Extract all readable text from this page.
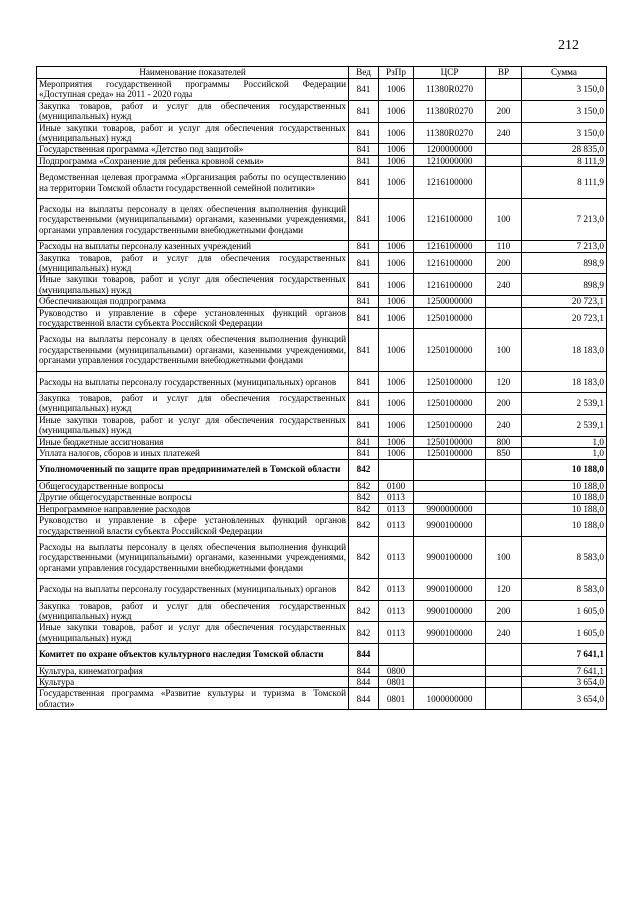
212
Наименование показателей	Вед	РзПр	ЦСР	ВР	Сумма
Мероприятия государственной программы Российской Федерации «Доступная среда» на 2011 - 2020 годы	841	1006	11380R0270		3 150,0
Закупка товаров, работ и услуг для обеспечения государственных (муниципальных) нужд	841	1006	11380R0270	200	3 150,0
Иные закупки товаров, работ и услуг для обеспечения государственных (муниципальных) нужд	841	1006	11380R0270	240	3 150,0
Государственная программа «Детство под защитой»	841	1006	1200000000		28 835,0
Подпрограмма «Сохранение для ребенка кровной семьи»	841	1006	1210000000		8 111,9
Ведомственная целевая программа «Организация работы по осуществлению на территории Томской области государственной семейной политики»	841	1006	1216100000		8 111,9
Расходы на выплаты персоналу в целях обеспечения выполнения функций государственными (муниципальными) органами, казенными учреждениями, органами управления государственными внебюджетными фондами	841	1006	1216100000	100	7 213,0
Расходы на выплаты персоналу казенных учреждений	841	1006	1216100000	110	7 213,0
Закупка товаров, работ и услуг для обеспечения государственных (муниципальных) нужд	841	1006	1216100000	200	898,9
Иные закупки товаров, работ и услуг для обеспечения государственных (муниципальных) нужд	841	1006	1216100000	240	898,9
Обеспечивающая подпрограмма	841	1006	1250000000		20 723,1
Руководство и управление в сфере установленных функций органов государственной власти субъекта Российской Федерации	841	1006	1250100000		20 723,1
Расходы на выплаты персоналу в целях обеспечения выполнения функций государственными (муниципальными) органами, казенными учреждениями, органами управления государственными внебюджетными фондами	841	1006	1250100000	100	18 183,0
Расходы на выплаты персоналу государственных (муниципальных) органов	841	1006	1250100000	120	18 183,0
Закупка товаров, работ и услуг для обеспечения государственных (муниципальных) нужд	841	1006	1250100000	200	2 539,1
Иные закупки товаров, работ и услуг для обеспечения государственных (муниципальных) нужд	841	1006	1250100000	240	2 539,1
Иные бюджетные ассигнования	841	1006	1250100000	800	1,0
Уплата налогов, сборов и иных платежей	841	1006	1250100000	850	1,0
Уполномоченный по защите прав предпринимателей в Томской области	842				10 188,0
Общегосударственные вопросы	842	0100			10 188,0
Другие общегосударственные вопросы	842	0113			10 188,0
Непрограммное направление расходов	842	0113	9900000000		10 188,0
Руководство и управление в сфере установленных функций органов государственной власти субъекта Российской Федерации	842	0113	9900100000		10 188,0
Расходы на выплаты персоналу в целях обеспечения выполнения функций государственными (муниципальными) органами, казенными учреждениями, органами управления государственными внебюджетными фондами	842	0113	9900100000	100	8 583,0
Расходы на выплаты персоналу государственных (муниципальных) органов	842	0113	9900100000	120	8 583,0
Закупка товаров, работ и услуг для обеспечения государственных (муниципальных) нужд	842	0113	9900100000	200	1 605,0
Иные закупки товаров, работ и услуг для обеспечения государственных (муниципальных) нужд	842	0113	9900100000	240	1 605,0
Комитет по охране объектов культурного наследия Томской области	844				7 641,1
Культура, кинематография	844	0800			7 641,1
Культура	844	0801			3 654,0
Государственная программа «Развитие культуры и туризма в Томской области»	844	0801	1000000000		3 654,0
